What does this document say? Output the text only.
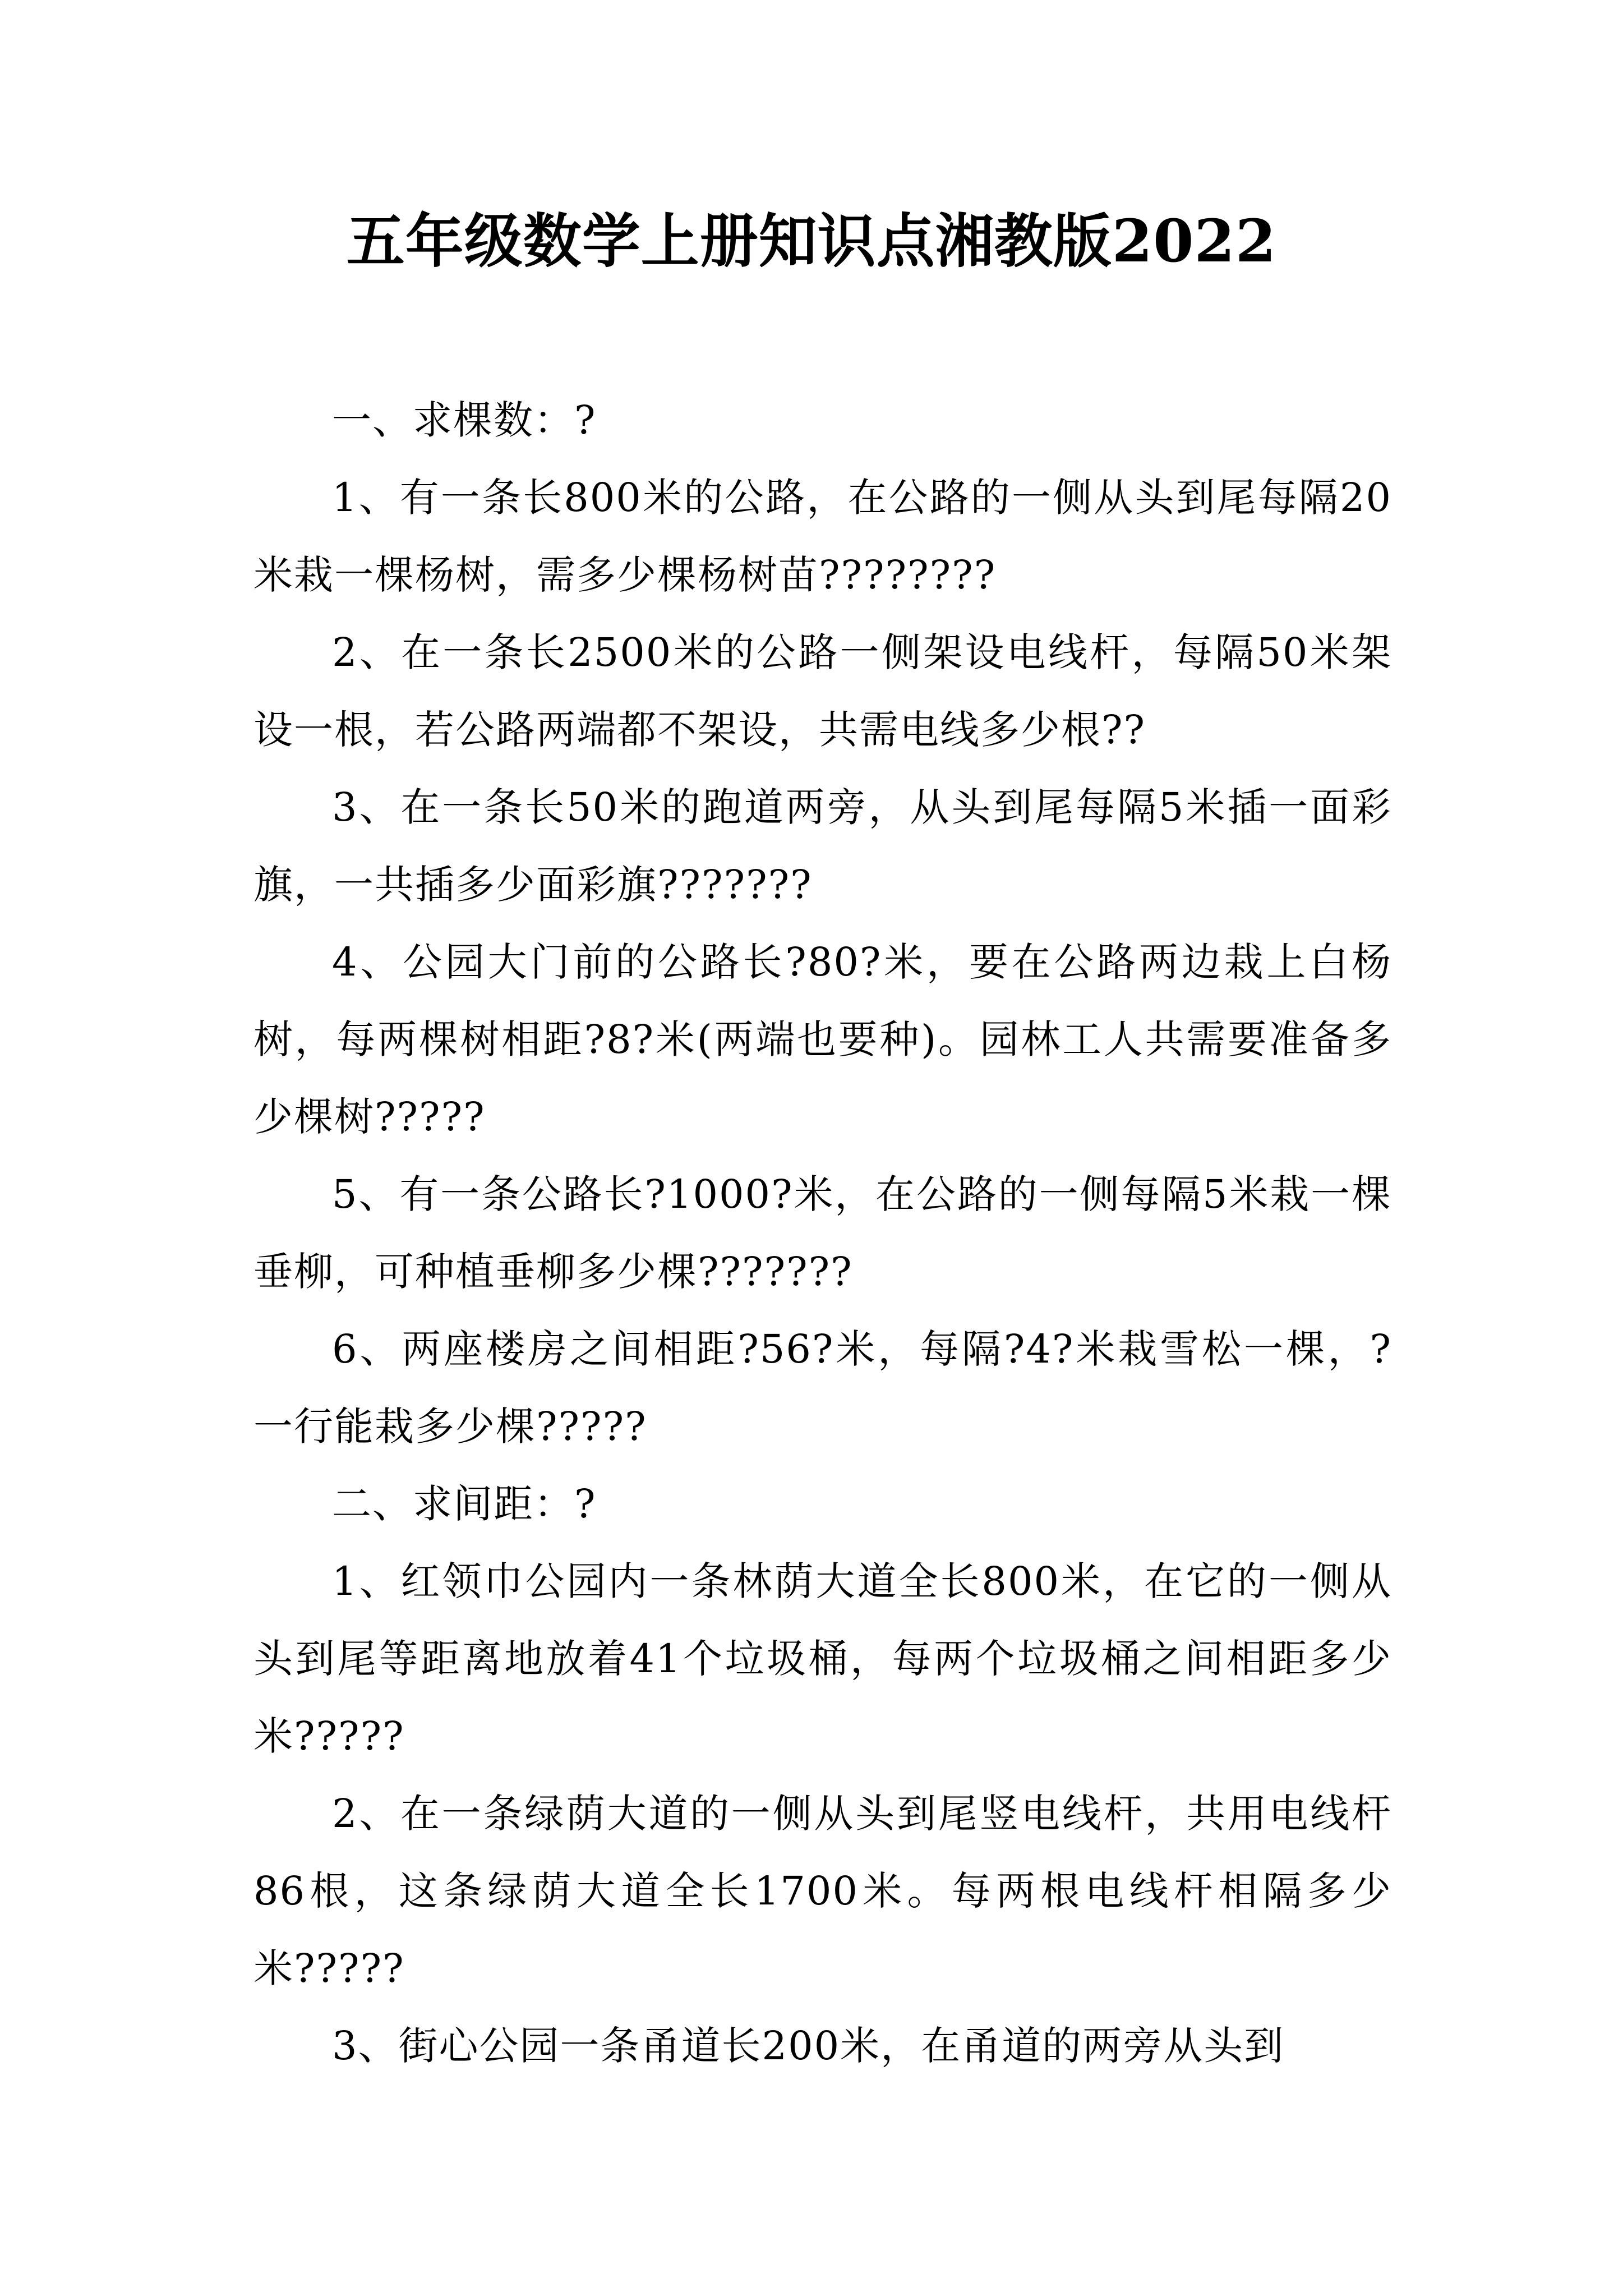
五年级数学上册知识点湘教版2022

一、求棵数：?

1、有一条长800米的公路，在公路的一侧从头到尾每隔20米栽一棵杨树，需多少棵杨树苗????????

2、在一条长2500米的公路一侧架设电线杆，每隔50米架设一根，若公路两端都不架设，共需电线多少根??

3、在一条长50米的跑道两旁，从头到尾每隔5米插一面彩旗，一共插多少面彩旗???????

4、公园大门前的公路长?80?米，要在公路两边栽上白杨树，每两棵树相距?8?米(两端也要种)。园林工人共需要准备多少棵树?????

5、有一条公路长?1000?米，在公路的一侧每隔5米栽一棵垂柳，可种植垂柳多少棵???????

6、两座楼房之间相距?56?米，每隔?4?米栽雪松一棵，?一行能栽多少棵?????

二、求间距：?

1、红领巾公园内一条林荫大道全长800米，在它的一侧从头到尾等距离地放着41个垃圾桶，每两个垃圾桶之间相距多少米?????

2、在一条绿荫大道的一侧从头到尾竖电线杆，共用电线杆86根，这条绿荫大道全长1700米。每两根电线杆相隔多少米?????

3、街心公园一条甬道长200米，在甬道的两旁从头到
